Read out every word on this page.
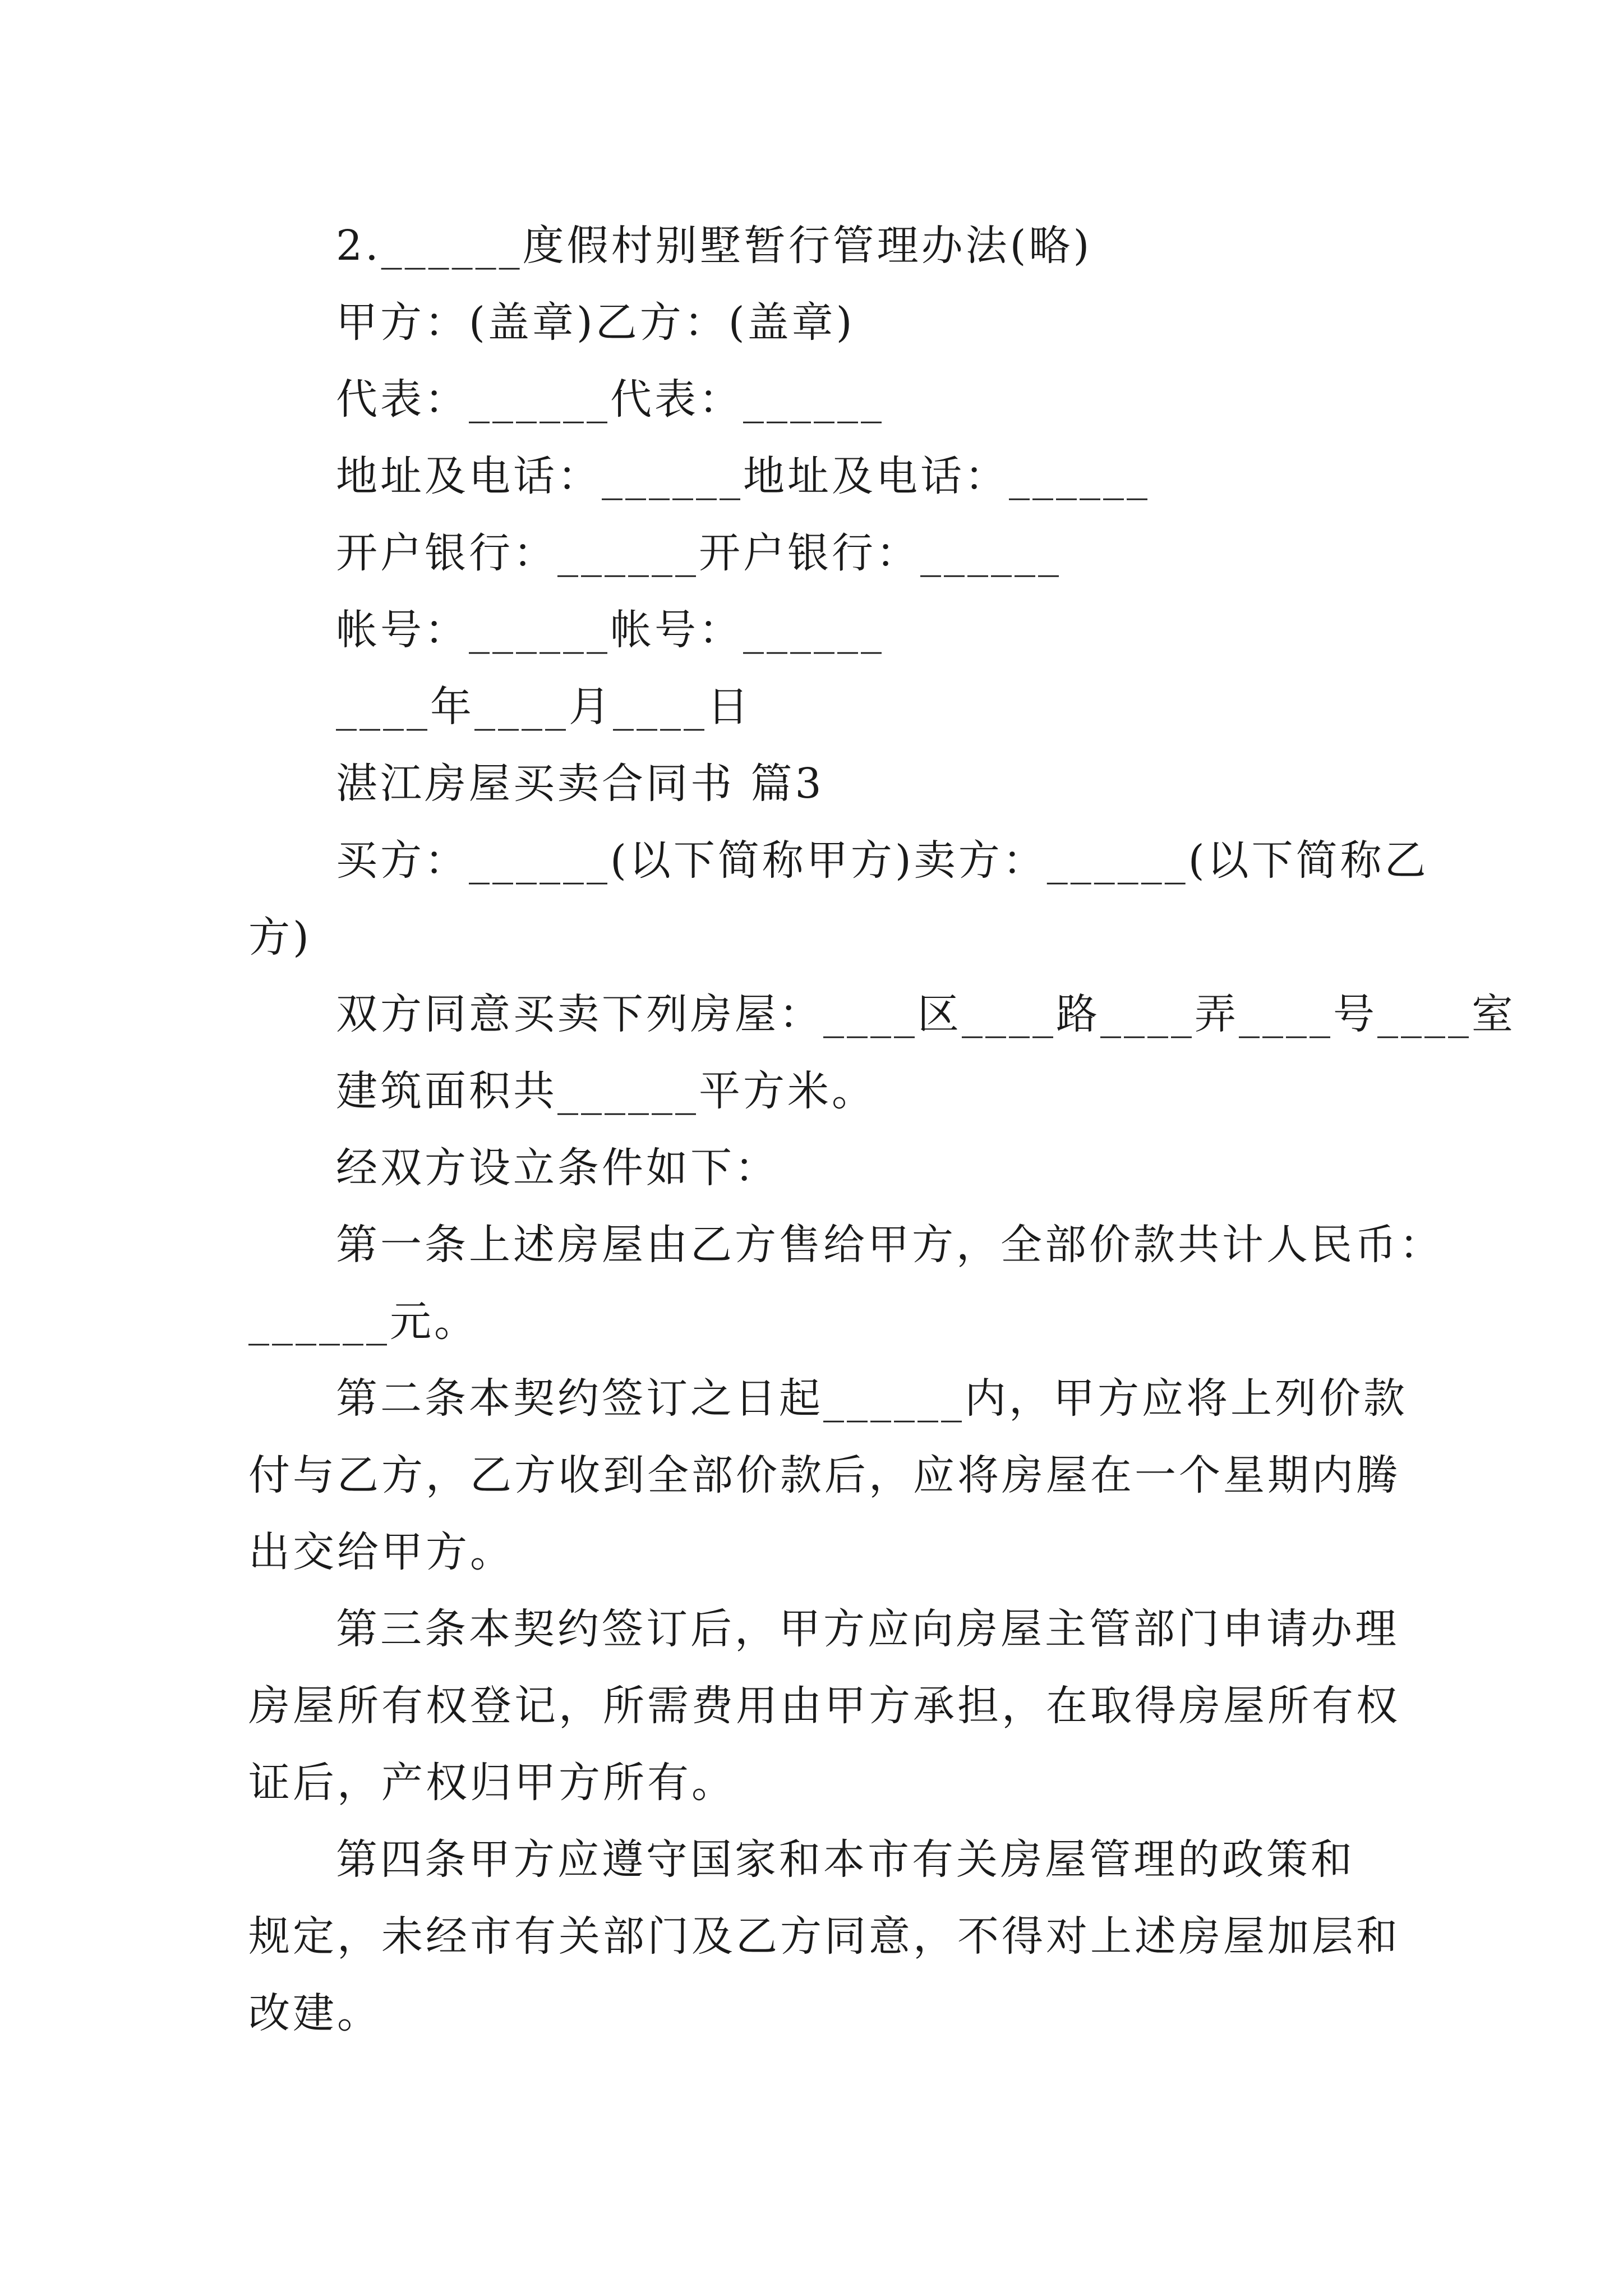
2.______度假村别墅暂行管理办法(略)
甲方：(盖章)乙方：(盖章)
代表：______代表：______
地址及电话：______地址及电话：______
开户银行：______开户银行：______
帐号：______帐号：______
____年____月____日
湛江房屋买卖合同书 篇3
买方：______(以下简称甲方)卖方：______(以下简称乙
方)
双方同意买卖下列房屋：____区____路____弄____号____室
建筑面积共______平方米。
经双方设立条件如下：
第一条上述房屋由乙方售给甲方，全部价款共计人民币：
______元。
第二条本契约签订之日起______内，甲方应将上列价款
付与乙方，乙方收到全部价款后，应将房屋在一个星期内腾
出交给甲方。
第三条本契约签订后，甲方应向房屋主管部门申请办理
房屋所有权登记，所需费用由甲方承担，在取得房屋所有权
证后，产权归甲方所有。
第四条甲方应遵守国家和本市有关房屋管理的政策和
规定，未经市有关部门及乙方同意，不得对上述房屋加层和
改建。
